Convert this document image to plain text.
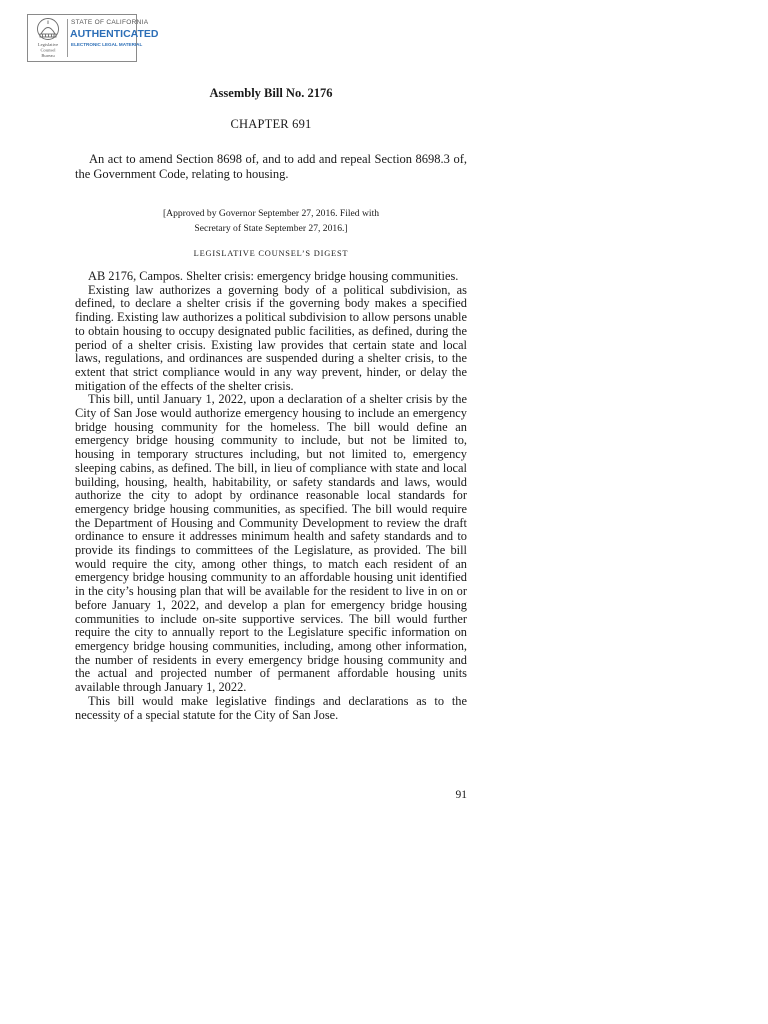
Legislative
Counsel
Bureau
STATE OF CALIFORNIA
AUTHENTICATED
ELECTRONIC LEGAL MATERIAL
Assembly Bill No. 2176
CHAPTER 691

An act to amend Section 8698 of, and to add and repeal Section 8698.3 of, the Government Code, relating to housing.

[Approved by Governor September 27, 2016. Filed with
Secretary of State September 27, 2016.]
LEGISLATIVE COUNSEL’S DIGEST

AB 2176, Campos. Shelter crisis: emergency bridge housing communities.

Existing law authorizes a governing body of a political subdivision, as defined, to declare a shelter crisis if the governing body makes a specified finding. Existing law authorizes a political subdivision to allow persons unable to obtain housing to occupy designated public facilities, as defined, during the period of a shelter crisis. Existing law provides that certain state and local laws, regulations, and ordinances are suspended during a shelter crisis, to the extent that strict compliance would in any way prevent, hinder, or delay the mitigation of the effects of the shelter crisis.

This bill, until January 1, 2022, upon a declaration of a shelter crisis by the City of San Jose would authorize emergency housing to include an emergency bridge housing community for the homeless. The bill would define an emergency bridge housing community to include, but not be limited to, housing in temporary structures including, but not limited to, emergency sleeping cabins, as defined. The bill, in lieu of compliance with state and local building, housing, health, habitability, or safety standards and laws, would authorize the city to adopt by ordinance reasonable local standards for emergency bridge housing communities, as specified. The bill would require the Department of Housing and Community Development to review the draft ordinance to ensure it addresses minimum health and safety standards and to provide its findings to committees of the Legislature, as provided. The bill would require the city, among other things, to match each resident of an emergency bridge housing community to an affordable housing unit identified in the city’s housing plan that will be available for the resident to live in on or before January 1, 2022, and develop a plan for emergency bridge housing communities to include on-site supportive services. The bill would further require the city to annually report to the Legislature specific information on emergency bridge housing communities, including, among other information, the number of residents in every emergency bridge housing community and the actual and projected number of permanent affordable housing units available through January 1, 2022.

This bill would make legislative findings and declarations as to the necessity of a special statute for the City of San Jose.

91
